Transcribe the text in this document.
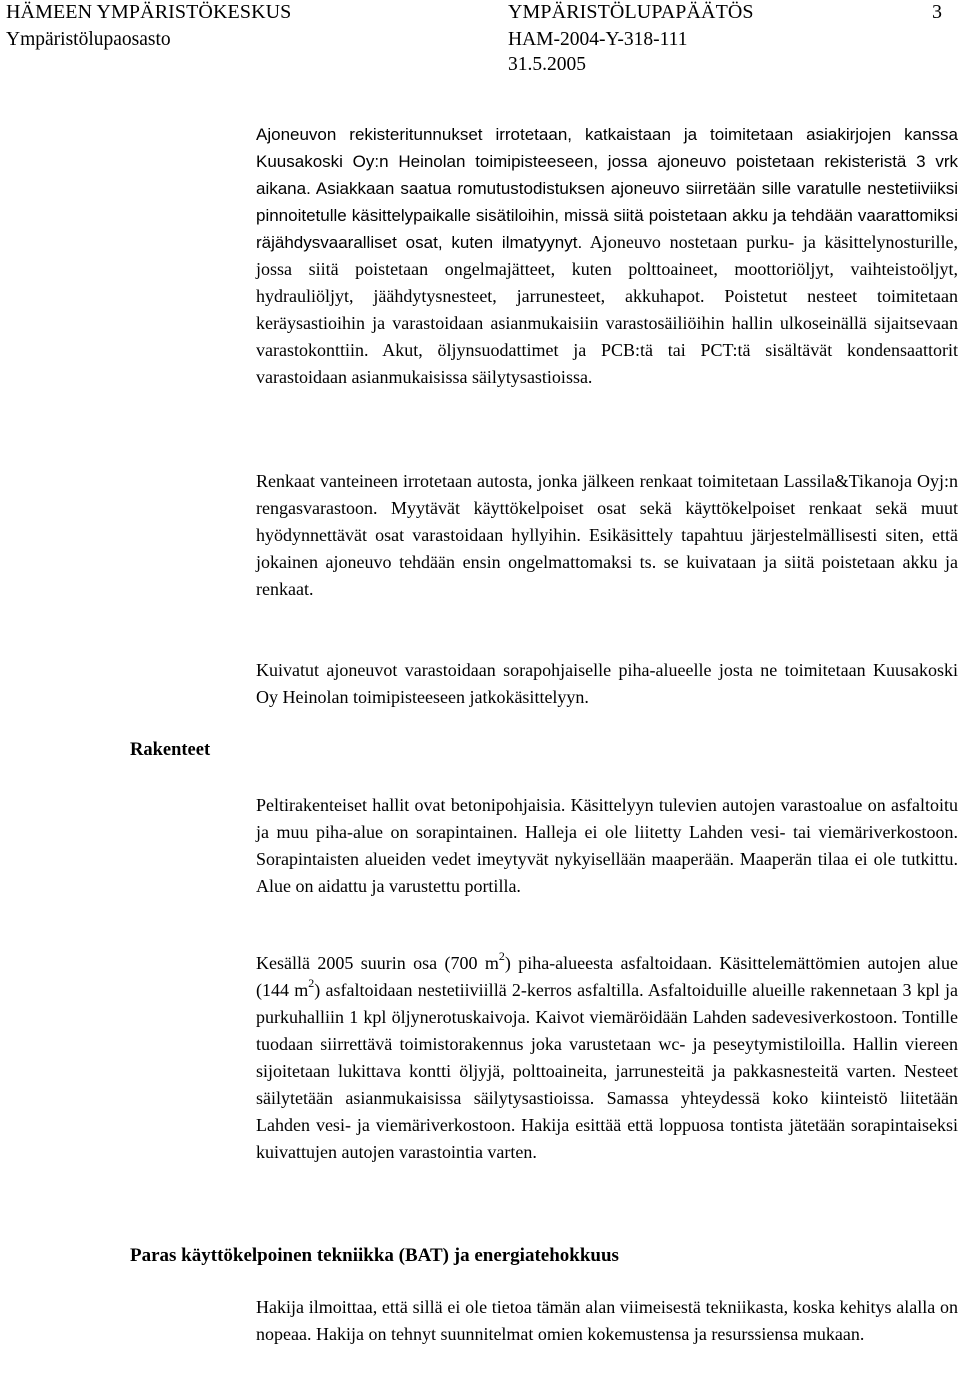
HÄMEEN YMPÄRISTÖKESKUS	YMPÄRISTÖLUPAPÄÄTÖS	3
Ympäristölupaosasto	HAM-2004-Y-318-111
31.5.2005

Ajoneuvon rekisteritunnukset irrotetaan, katkaistaan ja toimitetaan asiakirjojen kanssa Kuusakoski Oy:n Heinolan toimipisteeseen, jossa ajoneuvo poistetaan rekisteristä 3 vrk aikana. Asiakkaan saatua romutustodistuksen ajoneuvo siirretään sille varatulle nestetiiviiksi pinnoitetulle käsittelypaikalle sisätiloihin, missä siitä poistetaan akku ja tehdään vaarattomiksi räjähdysvaaralliset osat, kuten ilmatyynyt. Ajoneuvo nostetaan purku- ja käsittelynosturille, jossa siitä poistetaan ongelmajätteet, kuten polttoaineet, moottoriöljyt, vaihteistoöljyt, hydrauliöljyt, jäähdytysnesteet, jarrunesteet, akkuhapot. Poistetut nesteet toimitetaan keräysastioihin ja varastoidaan asianmukaisiin varastosäiliöihin hallin ulkoseinällä sijaitsevaan varastokonttiin. Akut, öljynsuodattimet ja PCB:tä tai PCT:tä sisältävät kondensaattorit varastoidaan asianmukaisissa säilytysastioissa.

Renkaat vanteineen irrotetaan autosta, jonka jälkeen renkaat toimitetaan Lassila&Tikanoja Oyj:n rengasvarastoon. Myytävät käyttökelpoiset osat sekä käyttökelpoiset renkaat sekä muut hyödynnettävät osat varastoidaan hyllyihin. Esikäsittely tapahtuu järjestelmällisesti siten, että jokainen ajoneuvo tehdään ensin ongelmattomaksi ts. se kuivataan ja siitä poistetaan akku ja renkaat.

Kuivatut ajoneuvot varastoidaan sorapohjaiselle piha-alueelle josta ne toimitetaan Kuusakoski Oy Heinolan toimipisteeseen jatkokäsittelyyn.

Rakenteet

Peltirakenteiset hallit ovat betonipohjaisia. Käsittelyyn tulevien autojen varastoalue on asfaltoitu ja muu piha-alue on sorapintainen. Halleja ei ole liitetty Lahden vesi- tai viemäriverkostoon. Sorapintaisten alueiden vedet imeytyvät nykyisellään maaperään. Maaperän tilaa ei ole tutkittu. Alue on aidattu ja varustettu portilla.

Kesällä 2005 suurin osa (700 $m^2$) piha-alueesta asfaltoidaan. Käsittelemättömien autojen alue (144 $m^2$) asfaltoidaan nestetiiviillä 2-kerros asfaltilla. Asfaltoiduille alueille rakennetaan 3 kpl ja purkuhalliin 1 kpl öljynerotuskaivoja. Kaivot viemäröidään Lahden sadevesiverkostoon. Tontille tuodaan siirrettävä toimistorakennus joka varustetaan wc- ja peseytymistiloilla. Hallin viereen sijoitetaan lukittava kontti öljyjä, polttoaineita, jarrunesteitä ja pakkasnesteitä varten. Nesteet säilytetään asianmukaisissa säilytysastioissa. Samassa yhteydessä koko kiinteistö liitetään Lahden vesi- ja viemäriverkostoon. Hakija esittää että loppuosa tontista jätetään sorapintaiseksi kuivattujen autojen varastointia varten.

Paras käyttökelpoinen tekniikka (BAT) ja energiatehokkuus

Hakija ilmoittaa, että sillä ei ole tietoa tämän alan viimeisestä tekniikasta, koska kehitys alalla on nopeaa. Hakija on tehnyt suunnitelmat omien kokemustensa ja resurssiensa mukaan.
